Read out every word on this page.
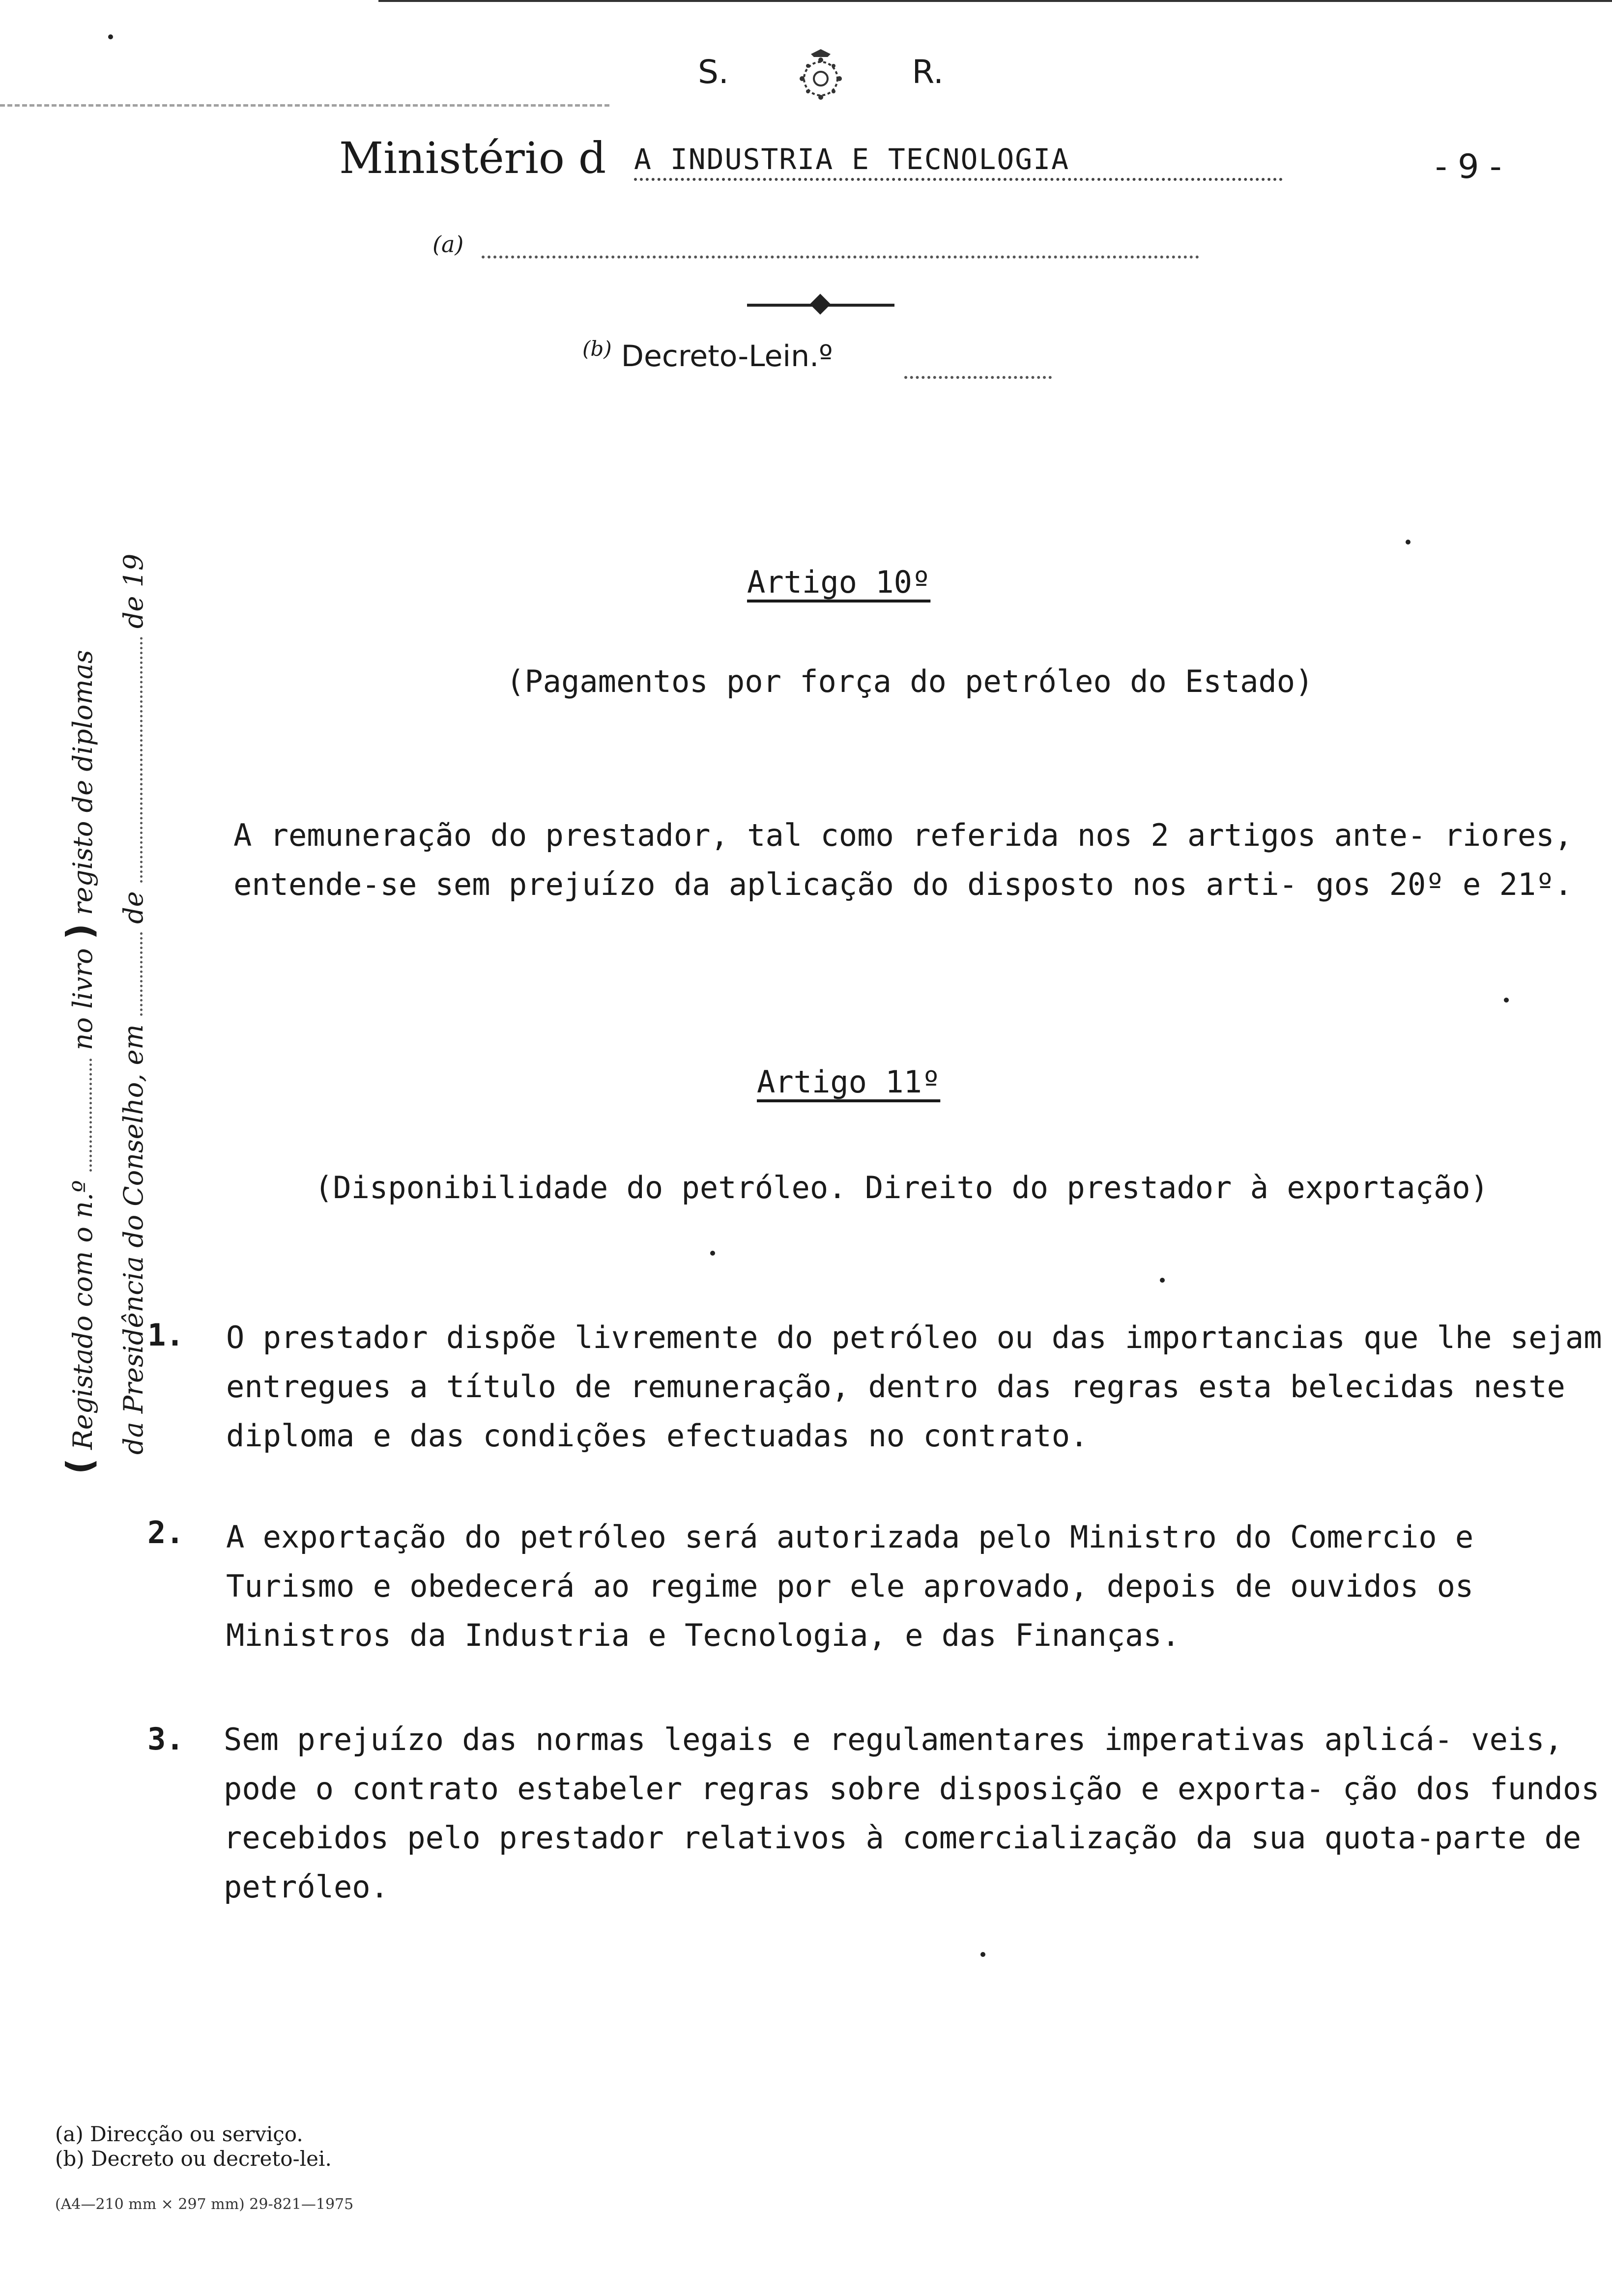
S.	R.
Ministério d A INDUSTRIA E TECNOLOGIA	- 9 -
(a)
$^{(b)}$ Decreto-Lein.º
( Registado com o n.º  no livro ) registo de diplomas
da Presidência do Conselho, em  de  de 19	Artigo 10º
(Pagamentos por força do petróleo do Estado)
A remuneração do prestador, tal como referida nos 2 artigos ante- riores, entende-se sem prejuízo da aplicação do disposto nos arti- gos 20º e 21º.
Artigo 11º
(Disponibilidade do petróleo. Direito do prestador à exportação)
1. O prestador dispõe livremente do petróleo ou das importancias que lhe sejam entregues a título de remuneração, dentro das regras esta belecidas neste diploma e das condições efectuadas no contrato.
2. A exportação do petróleo será autorizada pelo Ministro do Comercio e Turismo e obedecerá ao regime por ele aprovado, depois de ouvidos os Ministros da Industria e Tecnologia, e das Finanças.
3. Sem prejuízo das normas legais e regulamentares imperativas aplicá- veis, pode o contrato estabeler regras sobre disposição e exporta- ção dos fundos recebidos pelo prestador relativos à comercialização da sua quota-parte de petróleo.
(a) Direcção ou serviço.
(b) Decreto ou decreto-lei.
(A4—210 mm × 297 mm) 29-821—1975
